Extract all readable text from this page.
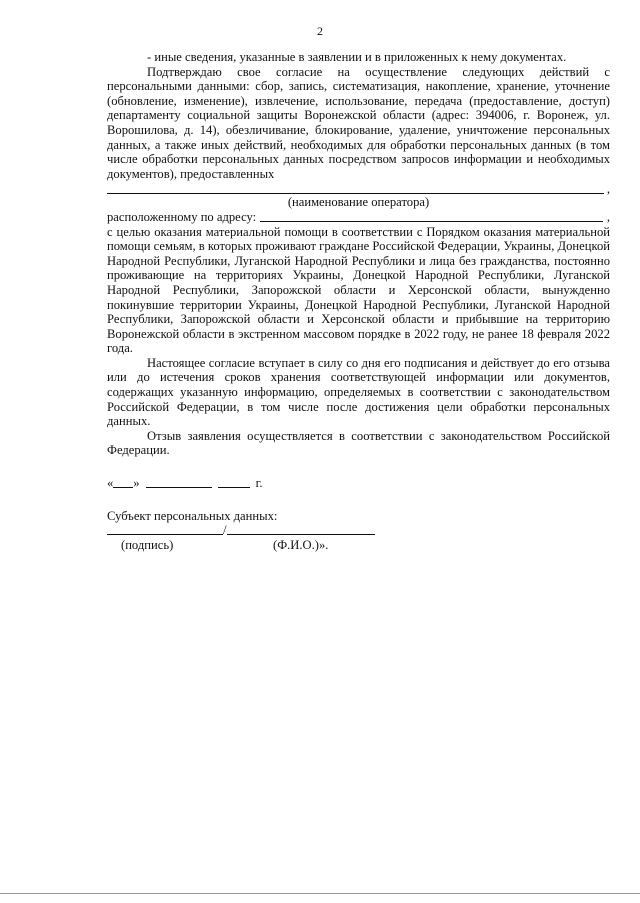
2

- иные сведения, указанные в заявлении и в приложенных к нему документах.

Подтверждаю свое согласие на осуществление следующих действий с персональными данными: сбор, запись, систематизация, накопление, хранение, уточнение (обновление, изменение), извлечение, использование, передача (предоставление, доступ) департаменту социальной защиты Воронежской области (адрес: 394006, г. Воронеж, ул. Ворошилова, д. 14), обезличивание, блокирование, удаление, уничтожение персональных данных, а также иных действий, необходимых для обработки персональных данных (в том числе обработки персональных данных посредством запросов информации и необходимых документов), предоставленных

,

(наименование оператора)

расположенному по адресу:	,

с целью оказания материальной помощи в соответствии с Порядком оказания материальной помощи семьям, в которых проживают граждане Российской Федерации, Украины, Донецкой Народной Республики, Луганской Народной Республики и лица без гражданства, постоянно проживающие на территориях Украины, Донецкой Народной Республики, Луганской Народной Республики, Запорожской области и Херсонской области, вынужденно покинувшие территории Украины, Донецкой Народной Республики, Луганской Народной Республики, Запорожской области и Херсонской области и прибывшие на территорию Воронежской области в экстренном массовом порядке в 2022 году, не ранее 18 февраля 2022 года.

Настоящее согласие вступает в силу со дня его подписания и действует до его отзыва или до истечения сроков хранения соответствующей информации или документов, содержащих указанную информацию, определяемых в соответствии с законодательством Российской Федерации, в том числе после достижения цели обработки персональных данных.

Отзыв заявления осуществляется в соответствии с законодательством Российской Федерации.

« »	г.

Субъект персональных данных:

/
(подпись)	(Ф.И.О.)».
